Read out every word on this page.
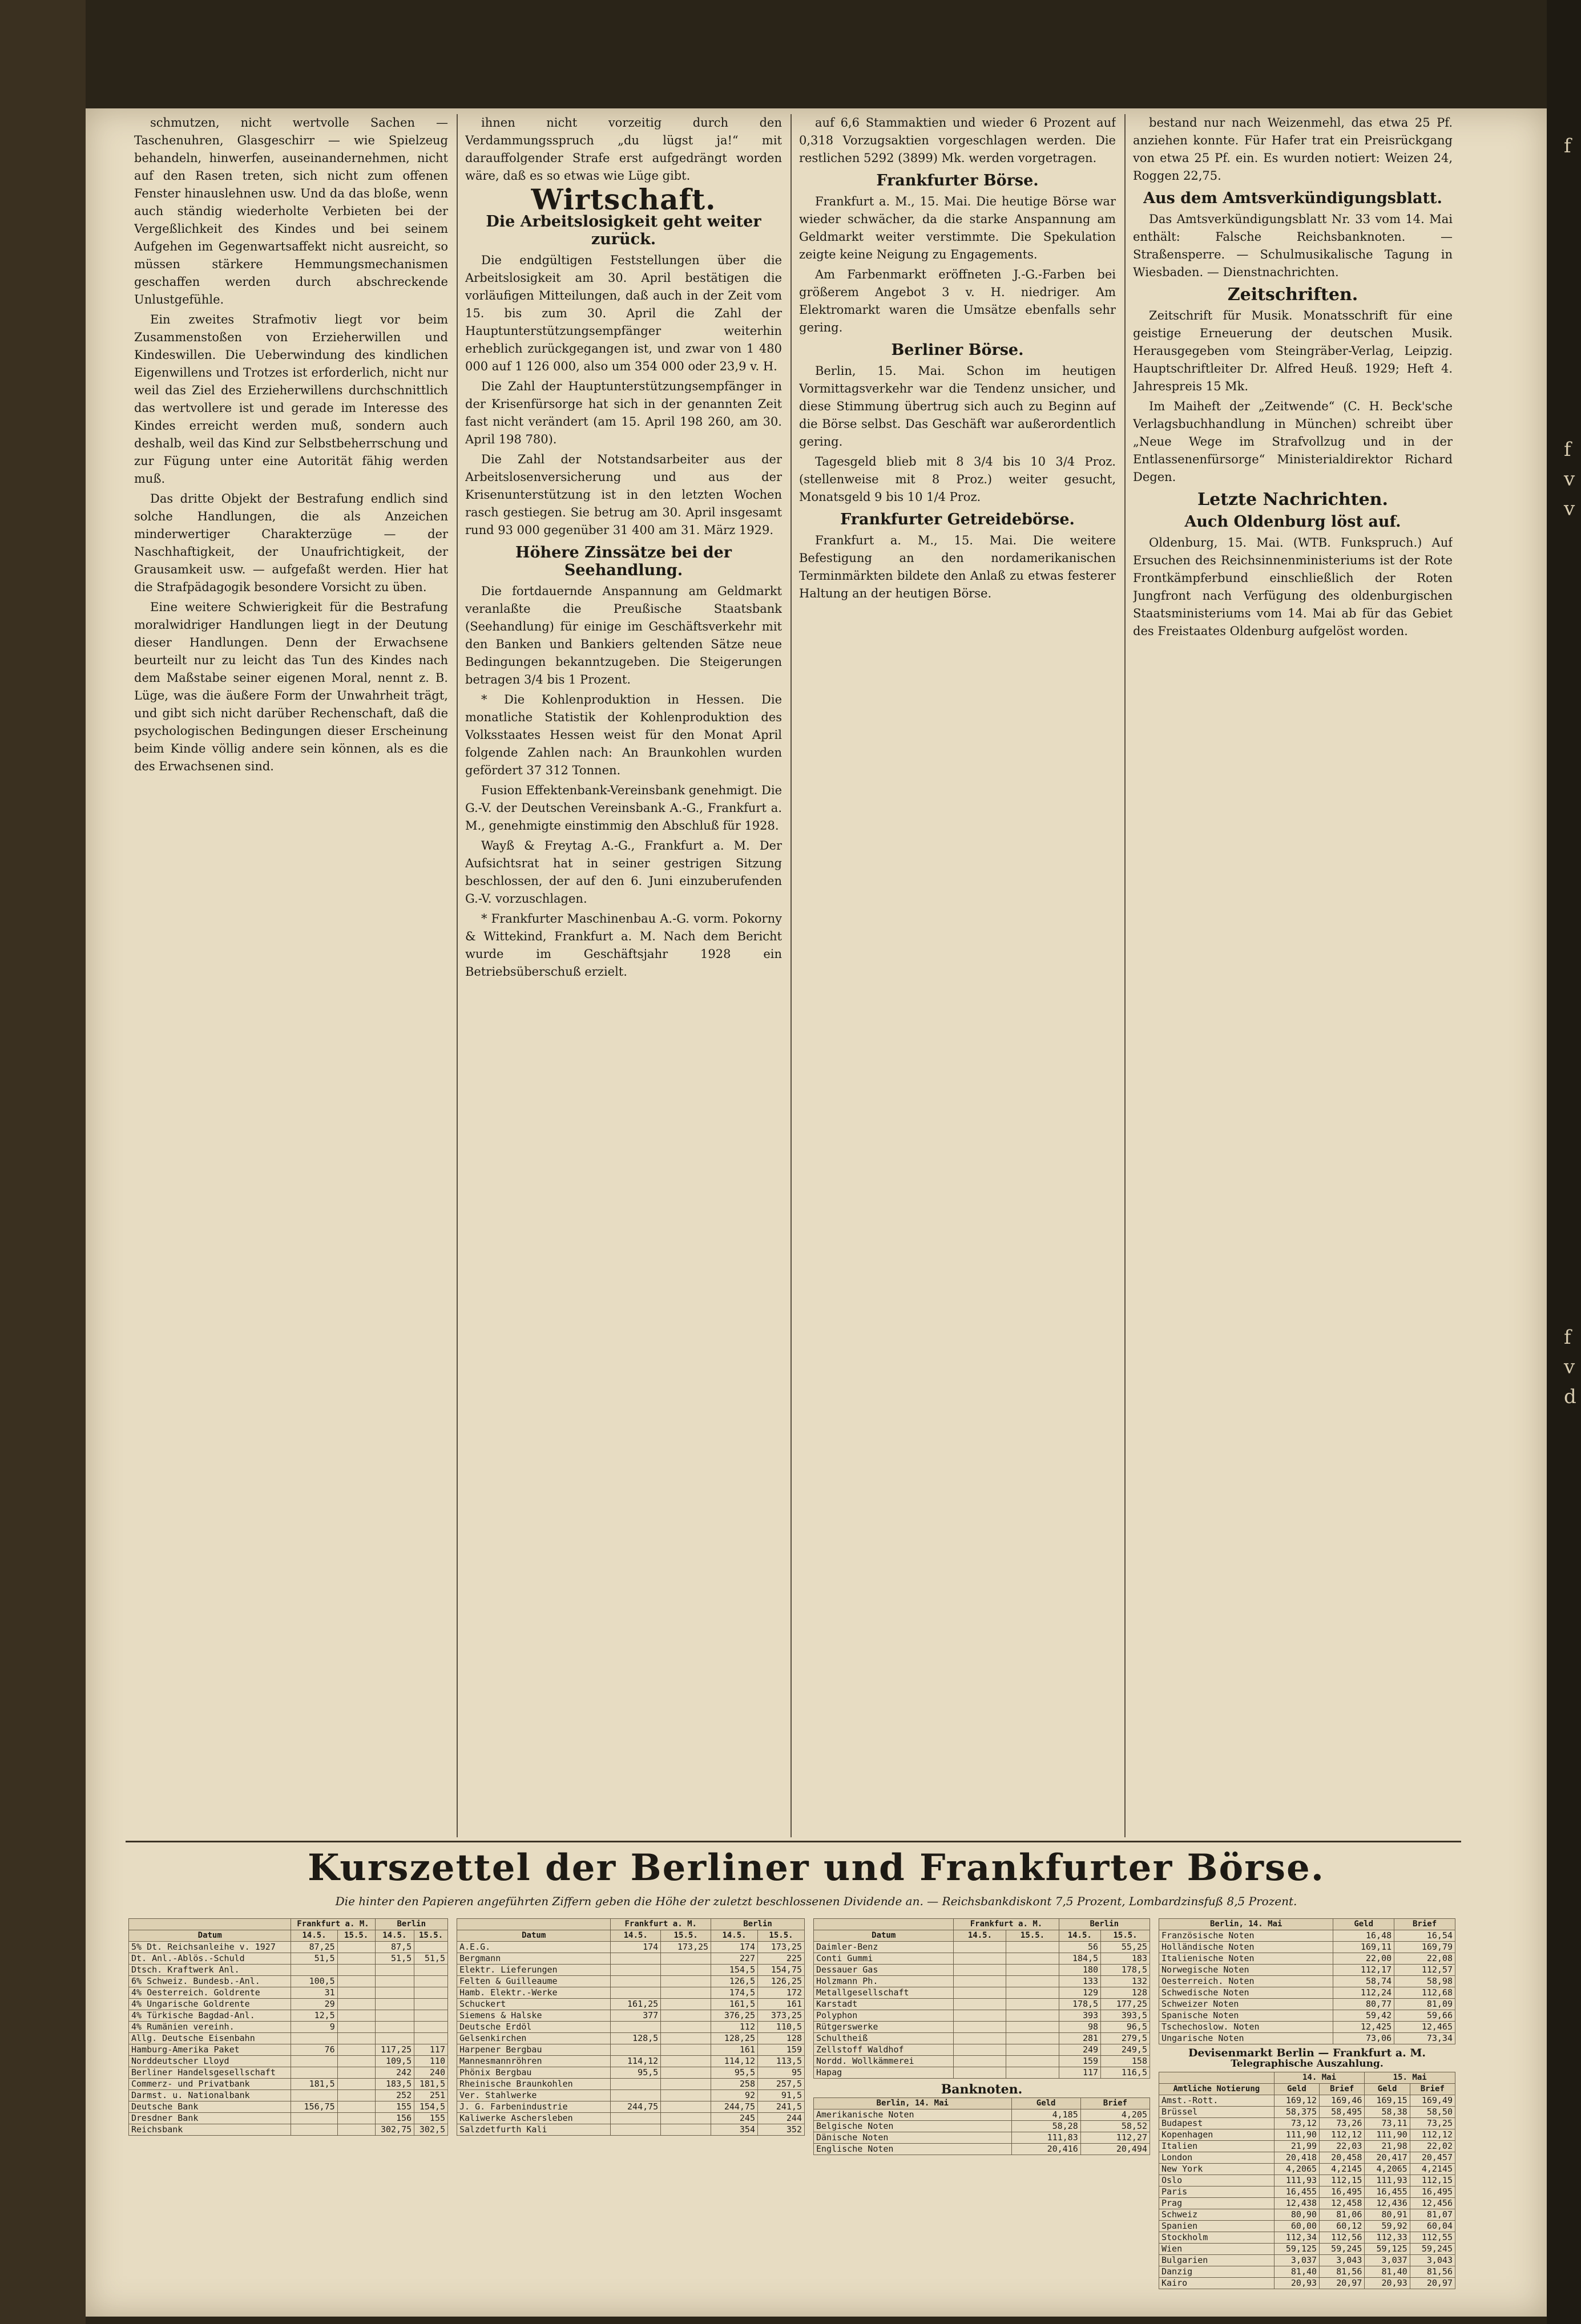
f
f
v
v
f
v
d

schmutzen, nicht wertvolle Sachen — Taschenuhren, Glasgeschirr — wie Spielzeug behandeln, hinwerfen, auseinandernehmen, nicht auf den Rasen treten, sich nicht zum offenen Fenster hinauslehnen usw. Und da das bloße, wenn auch ständig wiederholte Verbieten bei der Vergeßlichkeit des Kindes und bei seinem Aufgehen im Gegenwartsaffekt nicht ausreicht, so müssen stärkere Hemmungsmechanismen geschaffen werden durch abschreckende Unlustgefühle.

Ein zweites Strafmotiv liegt vor beim Zusammenstoßen von Erzieherwillen und Kindeswillen. Die Ueberwindung des kindlichen Eigenwillens und Trotzes ist erforderlich, nicht nur weil das Ziel des Erzieherwillens durchschnittlich das wertvollere ist und gerade im Interesse des Kindes erreicht werden muß, sondern auch deshalb, weil das Kind zur Selbstbeherrschung und zur Fügung unter eine Autorität fähig werden muß.

Das dritte Objekt der Bestrafung endlich sind solche Handlungen, die als Anzeichen minderwertiger Charakterzüge — der Naschhaftigkeit, der Unaufrichtigkeit, der Grausamkeit usw. — aufgefaßt werden. Hier hat die Strafpädagogik besondere Vorsicht zu üben.

Eine weitere Schwierigkeit für die Bestrafung moralwidriger Handlungen liegt in der Deutung dieser Handlungen. Denn der Erwachsene beurteilt nur zu leicht das Tun des Kindes nach dem Maßstabe seiner eigenen Moral, nennt z. B. Lüge, was die äußere Form der Unwahrheit trägt, und gibt sich nicht darüber Rechenschaft, daß die psychologischen Bedingungen dieser Erscheinung beim Kinde völlig andere sein können, als es die des Erwachsenen sind.

ihnen nicht vorzeitig durch den Verdammungsspruch „du lügst ja!“ mit darauffolgender Strafe erst aufgedrängt worden wäre, daß es so etwas wie Lüge gibt.

Wirtschaft.
Die Arbeitslosigkeit geht weiter zurück.

Die endgültigen Feststellungen über die Arbeitslosigkeit am 30. April bestätigen die vorläufigen Mitteilungen, daß auch in der Zeit vom 15. bis zum 30. April die Zahl der Hauptunterstützungsempfänger weiterhin erheblich zurückgegangen ist, und zwar von 1 480 000 auf 1 126 000, also um 354 000 oder 23,9 v. H.

Die Zahl der Hauptunterstützungsempfänger in der Krisenfürsorge hat sich in der genannten Zeit fast nicht verändert (am 15. April 198 260, am 30. April 198 780).

Die Zahl der Notstandsarbeiter aus der Arbeitslosenversicherung und aus der Krisenunterstützung ist in den letzten Wochen rasch gestiegen. Sie betrug am 30. April insgesamt rund 93 000 gegenüber 31 400 am 31. März 1929.

Höhere Zinssätze bei der Seehandlung.

Die fortdauernde Anspannung am Geldmarkt veranlaßte die Preußische Staatsbank (Seehandlung) für einige im Geschäftsverkehr mit den Banken und Bankiers geltenden Sätze neue Bedingungen bekanntzugeben. Die Steigerungen betragen 3/4 bis 1 Prozent.

* Die Kohlenproduktion in Hessen. Die monatliche Statistik der Kohlenproduktion des Volksstaates Hessen weist für den Monat April folgende Zahlen nach: An Braunkohlen wurden gefördert 37 312 Tonnen.

Fusion Effektenbank-Vereinsbank genehmigt. Die G.-V. der Deutschen Vereinsbank A.-G., Frankfurt a. M., genehmigte einstimmig den Abschluß für 1928.

Wayß & Freytag A.-G., Frankfurt a. M. Der Aufsichtsrat hat in seiner gestrigen Sitzung beschlossen, der auf den 6. Juni einzuberufenden G.-V. vorzuschlagen.

* Frankfurter Maschinenbau A.-G. vorm. Pokorny & Wittekind, Frankfurt a. M. Nach dem Bericht wurde im Geschäftsjahr 1928 ein Betriebsüberschuß erzielt.

auf 6,6 Stammaktien und wieder 6 Prozent auf 0,318 Vorzugsaktien vorgeschlagen werden. Die restlichen 5292 (3899) Mk. werden vorgetragen.

Frankfurter Börse.

Frankfurt a. M., 15. Mai. Die heutige Börse war wieder schwächer, da die starke Anspannung am Geldmarkt weiter verstimmte. Die Spekulation zeigte keine Neigung zu Engagements.

Am Farbenmarkt eröffneten J.-G.-Farben bei größerem Angebot 3 v. H. niedriger. Am Elektromarkt waren die Umsätze ebenfalls sehr gering.

Berliner Börse.

Berlin, 15. Mai. Schon im heutigen Vormittagsverkehr war die Tendenz unsicher, und diese Stimmung übertrug sich auch zu Beginn auf die Börse selbst. Das Geschäft war außerordentlich gering.

Tagesgeld blieb mit 8 3/4 bis 10 3/4 Proz. (stellenweise mit 8 Proz.) weiter gesucht, Monatsgeld 9 bis 10 1/4 Proz.

Frankfurter Getreidebörse.

Frankfurt a. M., 15. Mai. Die weitere Befestigung an den nordamerikanischen Terminmärkten bildete den Anlaß zu etwas festerer Haltung an der heutigen Börse.

bestand nur nach Weizenmehl, das etwa 25 Pf. anziehen konnte. Für Hafer trat ein Preisrückgang von etwa 25 Pf. ein. Es wurden notiert: Weizen 24, Roggen 22,75.

Aus dem Amtsverkündigungsblatt.

Das Amtsverkündigungsblatt Nr. 33 vom 14. Mai enthält: Falsche Reichsbanknoten. — Straßensperre. — Schulmusikalische Tagung in Wiesbaden. — Dienstnachrichten.

Zeitschriften.

Zeitschrift für Musik. Monatsschrift für eine geistige Erneuerung der deutschen Musik. Herausgegeben vom Steingräber-Verlag, Leipzig. Hauptschriftleiter Dr. Alfred Heuß. 1929; Heft 4. Jahrespreis 15 Mk.

Im Maiheft der „Zeitwende“ (C. H. Beck'sche Verlagsbuchhandlung in München) schreibt über „Neue Wege im Strafvollzug und in der Entlassenenfürsorge“ Ministerialdirektor Richard Degen.

Letzte Nachrichten.
Auch Oldenburg löst auf.

Oldenburg, 15. Mai. (WTB. Funkspruch.) Auf Ersuchen des Reichsinnenministeriums ist der Rote Frontkämpferbund einschließlich der Roten Jungfront nach Verfügung des oldenburgischen Staatsministeriums vom 14. Mai ab für das Gebiet des Freistaates Oldenburg aufgelöst worden.

Kurszettel der Berliner und Frankfurter Börse.
Die hinter den Papieren angeführten Ziffern geben die Höhe der zuletzt beschlossenen Dividende an. — Reichsbankdiskont 7,5 Prozent, Lombardzinsfuß 8,5 Prozent.
	Frankfurt a. M.		Berlin	
Datum	14.5.	15.5.	14.5.	15.5.
5% Dt. Reichsanleihe v. 1927	87,25		87,5	
Dt. Anl.-Ablös.-Schuld	51,5		51,5	51,5
Dtsch. Kraftwerk Anl.				
6% Schweiz. Bundesb.-Anl.	100,5			
4% Oesterreich. Goldrente	31			
4% Ungarische Goldrente	29			
4% Türkische Bagdad-Anl.	12,5			
4% Rumänien vereinh.	9			
Allg. Deutsche Eisenbahn				
Hamburg-Amerika Paket	76		117,25	117
Norddeutscher Lloyd			109,5	110
Berliner Handelsgesellschaft			242	240
Commerz- und Privatbank	181,5		183,5	181,5
Darmst. u. Nationalbank			252	251
Deutsche Bank	156,75		155	154,5
Dresdner Bank			156	155
Reichsbank			302,75	302,5
	Frankfurt a. M.		Berlin	
Datum	14.5.	15.5.	14.5.	15.5.
A.E.G.	174	173,25	174	173,25
Bergmann			227	225
Elektr. Lieferungen			154,5	154,75
Felten & Guilleaume			126,5	126,25
Hamb. Elektr.-Werke			174,5	172
Schuckert	161,25		161,5	161
Siemens & Halske	377		376,25	373,25
Deutsche Erdöl			112	110,5
Gelsenkirchen	128,5		128,25	128
Harpener Bergbau			161	159
Mannesmannröhren	114,12		114,12	113,5
Phönix Bergbau	95,5		95,5	95
Rheinische Braunkohlen			258	257,5
Ver. Stahlwerke			92	91,5
J. G. Farbenindustrie	244,75		244,75	241,5
Kaliwerke Aschersleben			245	244
Salzdetfurth Kali			354	352
	Frankfurt a. M.		Berlin	
Datum	14.5.	15.5.	14.5.	15.5.
Daimler-Benz			56	55,25
Conti Gummi			184,5	183
Dessauer Gas			180	178,5
Holzmann Ph.			133	132
Metallgesellschaft			129	128
Karstadt			178,5	177,25
Polyphon			393	393,5
Rütgerswerke			98	96,5
Schultheiß			281	279,5
Zellstoff Waldhof			249	249,5
Nordd. Wollkämmerei			159	158
Hapag			117	116,5
Banknoten.
Berlin, 14. Mai	Geld	Brief
Amerikanische Noten	4,185	4,205
Belgische Noten	58,28	58,52
Dänische Noten	111,83	112,27
Englische Noten	20,416	20,494
Berlin, 14. Mai	Geld	Brief
Französische Noten	16,48	16,54
Holländische Noten	169,11	169,79
Italienische Noten	22,00	22,08
Norwegische Noten	112,17	112,57
Oesterreich. Noten	58,74	58,98
Schwedische Noten	112,24	112,68
Schweizer Noten	80,77	81,09
Spanische Noten	59,42	59,66
Tschechoslow. Noten	12,425	12,465
Ungarische Noten	73,06	73,34
Devisenmarkt Berlin — Frankfurt a. M.
Telegraphische Auszahlung.
	14. Mai		15. Mai	
Amtliche Notierung	Geld	Brief	Geld	Brief
Amst.-Rott.	169,12	169,46	169,15	169,49
Brüssel	58,375	58,495	58,38	58,50
Budapest	73,12	73,26	73,11	73,25
Kopenhagen	111,90	112,12	111,90	112,12
Italien	21,99	22,03	21,98	22,02
London	20,418	20,458	20,417	20,457
New York	4,2065	4,2145	4,2065	4,2145
Oslo	111,93	112,15	111,93	112,15
Paris	16,455	16,495	16,455	16,495
Prag	12,438	12,458	12,436	12,456
Schweiz	80,90	81,06	80,91	81,07
Spanien	60,00	60,12	59,92	60,04
Stockholm	112,34	112,56	112,33	112,55
Wien	59,125	59,245	59,125	59,245
Bulgarien	3,037	3,043	3,037	3,043
Danzig	81,40	81,56	81,40	81,56
Kairo	20,93	20,97	20,93	20,97
